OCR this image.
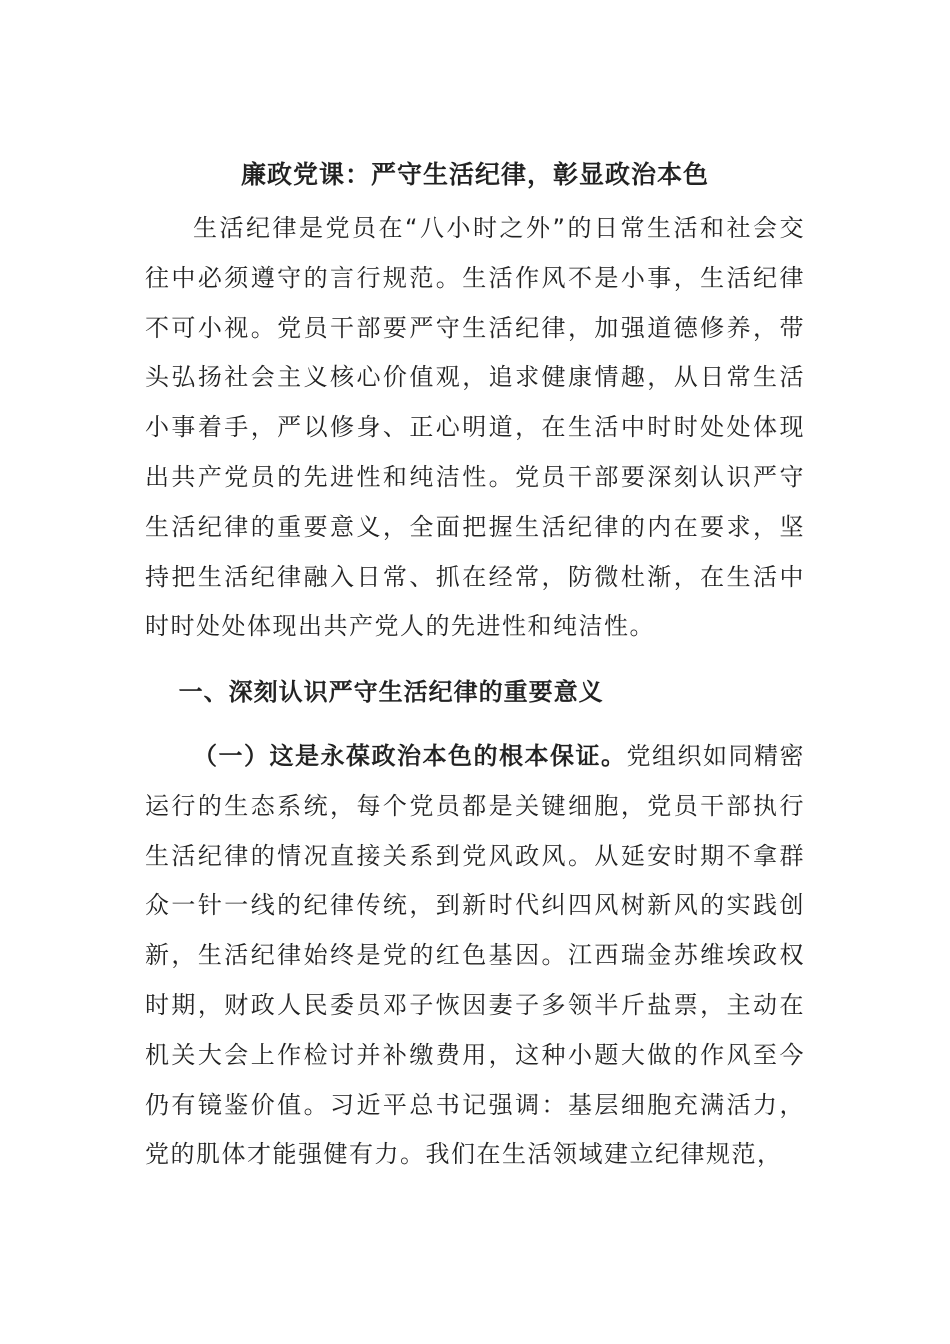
廉政党课：严守生活纪律，彰显政治本色

生活纪律是党员在“八小时之外”的日常生活和社会交往中必须遵守的言行规范。生活作风不是小事，生活纪律不可小视。党员干部要严守生活纪律，加强道德修养，带头弘扬社会主义核心价值观，追求健康情趣，从日常生活小事着手，严以修身、正心明道，在生活中时时处处体现出共产党员的先进性和纯洁性。党员干部要深刻认识严守生活纪律的重要意义，全面把握生活纪律的内在要求，坚持把生活纪律融入日常、抓在经常，防微杜渐，在生活中时时处处体现出共产党人的先进性和纯洁性。

一、深刻认识严守生活纪律的重要意义

（一）这是永葆政治本色的根本保证。党组织如同精密运行的生态系统，每个党员都是关键细胞，党员干部执行生活纪律的情况直接关系到党风政风。从延安时期不拿群众一针一线的纪律传统，到新时代纠四风树新风的实践创新，生活纪律始终是党的红色基因。江西瑞金苏维埃政权时期，财政人民委员邓子恢因妻子多领半斤盐票，主动在机关大会上作检讨并补缴费用，这种小题大做的作风至今仍有镜鉴价值。习近平总书记强调：基层细胞充满活力，党的肌体才能强健有力。我们在生活领域建立纪律规范，
